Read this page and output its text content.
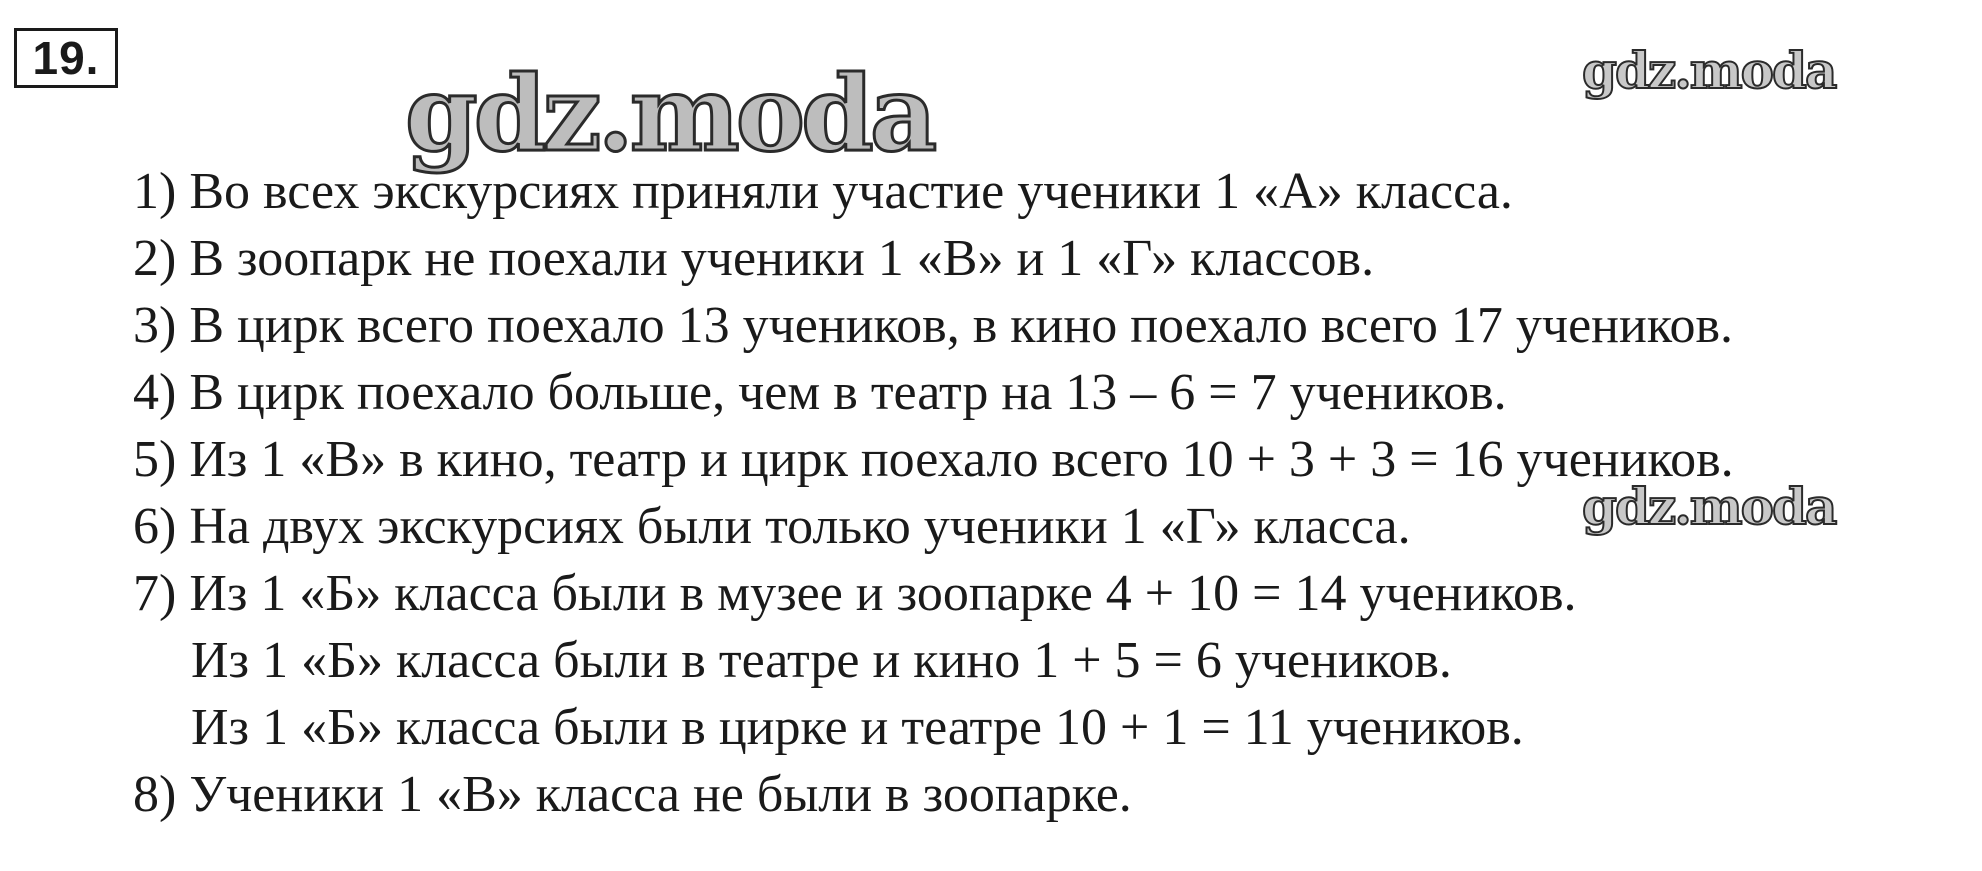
19.
1) Во всех экскурсиях приняли участие ученики 1 «А» класса.
2) В зоопарк не поехали ученики 1 «В» и 1 «Г» классов.
3) В цирк всего поехало 13 учеников, в кино поехало всего 17 учеников.
4) В цирк поехало больше, чем в театр на 13 – 6 = 7 учеников.
5) Из 1 «В» в кино, театр и цирк поехало всего 10 + 3 + 3 = 16 учеников.
6) На двух экскурсиях были только ученики 1 «Г» класса.
7) Из 1 «Б» класса были в музее и зоопарке 4 + 10 = 14 учеников.
Из 1 «Б» класса были в театре и кино 1 + 5 = 6 учеников.
Из 1 «Б» класса были в цирке и театре 10 + 1 = 11 учеников.
8) Ученики 1 «В» класса не были в зоопарке.
gdz.moda	gdz.moda
gdz.moda
